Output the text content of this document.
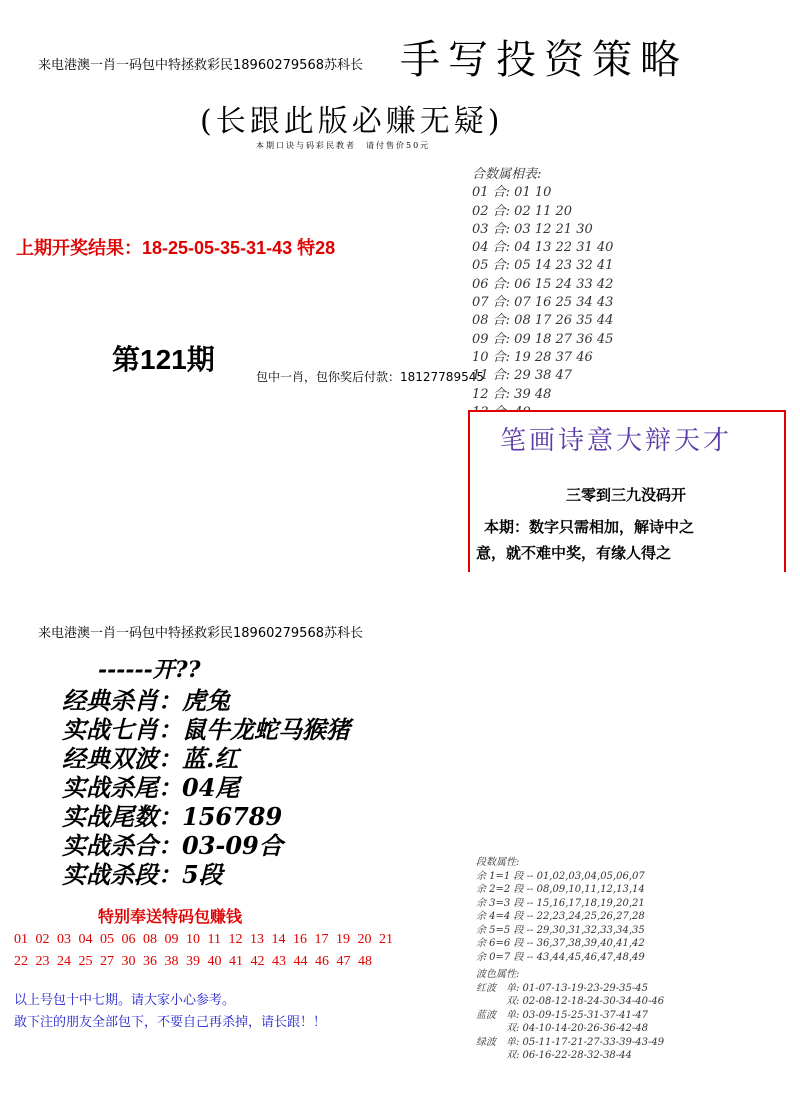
来电港澳一肖一码包中特拯救彩民18960279568苏科长 手写投资策略
(长跟此版必赚无疑)
本期口诀与码彩民教者　请付售价50元
上期开奖结果：18-25-05-35-31-43 特28
第121期
包中一肖，包你奖后付款：18127789545
合数属相表:
01 合: 01 10
02 合: 02 11 20
03 合: 03 12 21 30
04 合: 04 13 22 31 40
05 合: 05 14 23 32 41
06 合: 06 15 24 33 42
07 合: 07 16 25 34 43
08 合: 08 17 26 35 44
09 合: 09 18 27 36 45
10 合: 19 28 37 46
11 合: 29 38 47
12 合: 39 48
笔画诗意大辩天才
三零到三九没码开
本期：数字只需相加，解诗中之
意，就不难中奖，有缘人得之
来电港澳一肖一码包中特拯救彩民18960279568苏科长
------开??
经典杀肖：虎兔
实战七肖：鼠牛龙蛇马猴猪
经典双波：蓝.红
实战杀尾：04尾
实战尾数：156789
实战杀合：03-09合
实战杀段：5段
特别奉送特码包赚钱
01 02 03 04 05 06 08 09 10 11 12 13 14 16 17 19 20 21
22 23 24 25 27 30 36 38 39 40 41 42 43 44 46 47 48
以上号包十中七期。请大家小心参考。
敢下注的朋友全部包下，不要自己再杀掉，请长跟！！
段数属性:
余 1=1 段 -- 01,02,03,04,05,06,07
余 2=2 段 -- 08,09,10,11,12,13,14
余 3=3 段 -- 15,16,17,18,19,20,21
余 4=4 段 -- 22,23,24,25,26,27,28
余 5=5 段 -- 29,30,31,32,33,34,35
余 6=6 段 -- 36,37,38,39,40,41,42
余 0=7 段 -- 43,44,45,46,47,48,49
波色属性:
红波　单: 01-07-13-19-23-29-35-45
　　　双: 02-08-12-18-24-30-34-40-46
蓝波　单: 03-09-15-25-31-37-41-47
　　　双: 04-10-14-20-26-36-42-48
绿波　单: 05-11-17-21-27-33-39-43-49
　　　双: 06-16-22-28-32-38-44
